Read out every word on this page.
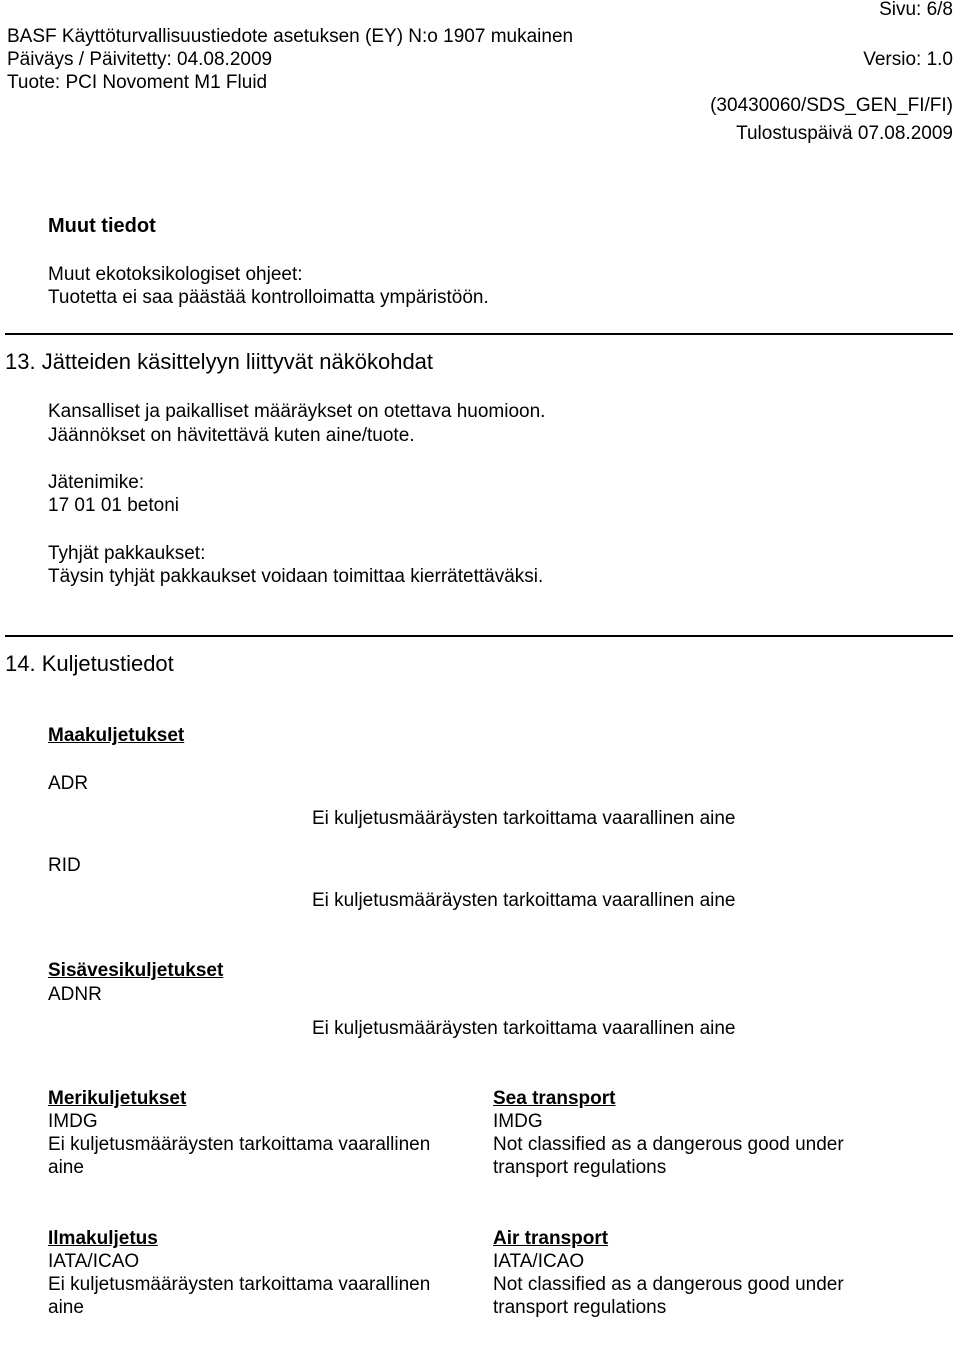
Sivu: 6/8
BASF Käyttöturvallisuustiedote asetuksen (EY) N:o 1907 mukainen
Päiväys / Päivitetty: 04.08.2009	Versio: 1.0
Tuote: PCI Novoment M1 Fluid
(30430060/SDS_GEN_FI/FI)
Tulostuspäivä 07.08.2009
Muut tiedot
Muut ekotoksikologiset ohjeet:
Tuotetta ei saa päästää kontrolloimatta ympäristöön.
13. Jätteiden käsittelyyn liittyvät näkökohdat
Kansalliset ja paikalliset määräykset on otettava huomioon.
Jäännökset on hävitettävä kuten aine/tuote.
Jätenimike:
17 01 01 betoni
Tyhjät pakkaukset:
Täysin tyhjät pakkaukset voidaan toimittaa kierrätettäväksi.
14. Kuljetustiedot
Maakuljetukset
ADR
Ei kuljetusmääräysten tarkoittama vaarallinen aine
RID
Ei kuljetusmääräysten tarkoittama vaarallinen aine
Sisävesikuljetukset
ADNR
Ei kuljetusmääräysten tarkoittama vaarallinen aine
Merikuljetukset
IMDG
Ei kuljetusmääräysten tarkoittama vaarallinen aine
Sea transport
IMDG
Not classified as a dangerous good under transport regulations
Ilmakuljetus
IATA/ICAO
Ei kuljetusmääräysten tarkoittama vaarallinen aine
Air transport
IATA/ICAO
Not classified as a dangerous good under transport regulations
